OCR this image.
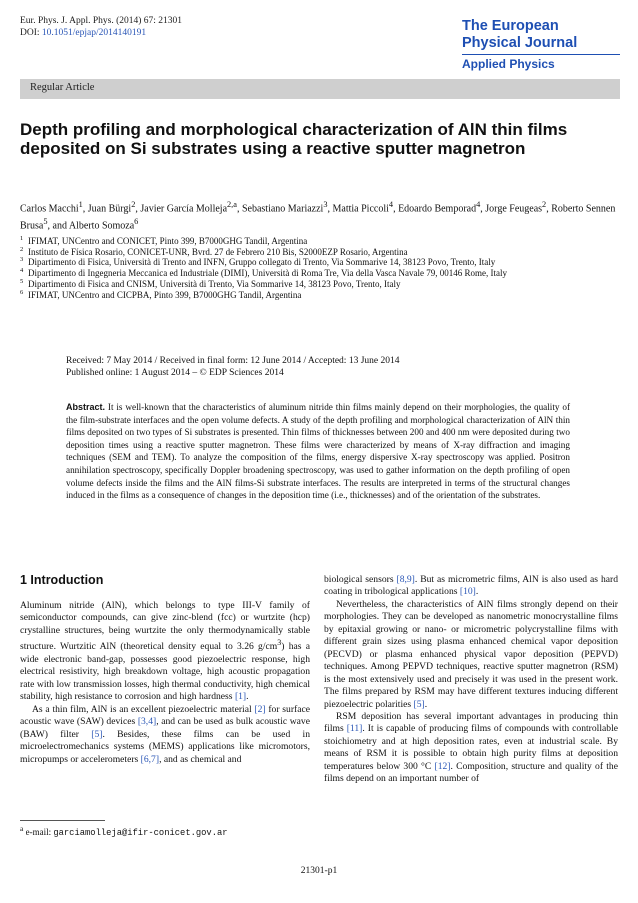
Eur. Phys. J. Appl. Phys. (2014) 67: 21301
DOI: 10.1051/epjap/2014140191	The European
Physical Journal
Applied Physics
Regular Article
Depth profiling and morphological characterization of AlN thin films deposited on Si substrates using a reactive sputter magnetron
Carlos Macchi$^1$, Juan Bürgi$^2$, Javier García Molleja$^{2,a}$, Sebastiano Mariazzi$^3$, Mattia Piccoli$^4$, Edoardo Bemporad$^4$, Jorge Feugeas$^2$, Roberto Sennen Brusa$^5$, and Alberto Somoza$^6$
1 IFIMAT, UNCentro and CONICET, Pinto 399, B7000GHG Tandil, Argentina
2 Instituto de Física Rosario, CONICET-UNR, Bvrd. 27 de Febrero 210 Bis, S2000EZP Rosario, Argentina
3 Dipartimento di Fisica, Università di Trento and INFN, Gruppo collegato di Trento, Via Sommarive 14, 38123 Povo, Trento, Italy
4 Dipartimento di Ingegneria Meccanica ed Industriale (DIMI), Università di Roma Tre, Via della Vasca Navale 79, 00146 Rome, Italy
5 Dipartimento di Fisica and CNISM, Università di Trento, Via Sommarive 14, 38123 Povo, Trento, Italy
6 IFIMAT, UNCentro and CICPBA, Pinto 399, B7000GHG Tandil, Argentina
Received: 7 May 2014 / Received in final form: 12 June 2014 / Accepted: 13 June 2014
Published online: 1 August 2014 – © EDP Sciences 2014
Abstract. It is well-known that the characteristics of aluminum nitride thin films mainly depend on their morphologies, the quality of the film-substrate interfaces and the open volume defects. A study of the depth profiling and morphological characterization of AlN thin films deposited on two types of Si substrates is presented. Thin films of thicknesses between 200 and 400 nm were deposited during two deposition times using a reactive sputter magnetron. These films were characterized by means of X-ray diffraction and imaging techniques (SEM and TEM). To analyze the composition of the films, energy dispersive X-ray spectroscopy was applied. Positron annihilation spectroscopy, specifically Doppler broadening spectroscopy, was used to gather information on the depth profiling of open volume defects inside the films and the AlN films-Si substrate interfaces. The results are interpreted in terms of the structural changes induced in the films as a consequence of changes in the deposition time (i.e., thicknesses) and of the orientation of the substrates.
1 Introduction

Aluminum nitride (AlN), which belongs to type III-V family of semiconductor compounds, can give zinc-blend (fcc) or wurtzite (hcp) crystalline structures, being wurtzite the only thermodynamically stable structure. Wurtzitic AlN (theoretical density equal to 3.26 $g/cm^3$) has a wide electronic band-gap, possesses good piezoelectric response, high electrical resistivity, high breakdown voltage, high acoustic propagation rate with low transmission losses, high thermal conductivity, high chemical stability, high resistance to corrosion and high hardness [1].

As a thin film, AlN is an excellent piezoelectric material [2] for surface acoustic wave (SAW) devices [3,4], and can be used as bulk acoustic wave (BAW) filter [5]. Besides, these films can be used in microelectromechanics systems (MEMS) applications like micromotors, micropumps or accelerometers [6,7], and as chemical and

biological sensors [8,9]. But as micrometric films, AlN is also used as hard coating in tribological applications [10].

Nevertheless, the characteristics of AlN films strongly depend on their morphologies. They can be developed as nanometric monocrystalline films by epitaxial growing or nano- or micrometric polycrystalline films with different grain sizes using plasma enhanced chemical vapor deposition (PECVD) or plasma enhanced physical vapor deposition (PEPVD) techniques. Among PEPVD techniques, reactive sputter magnetron (RSM) is the most extensively used and precisely it was used in the present work. The films prepared by RSM may have different textures inducing different piezoelectric polarities [5].

RSM deposition has several important advantages in producing thin films [11]. It is capable of producing films of compounds with controllable stoichiometry and at high deposition rates, even at industrial scale. By means of RSM it is possible to obtain high purity films at deposition temperatures below 300 °C [12]. Composition, structure and quality of the films depend on an important number of

$^a$ e-mail: garciamolleja@ifir-conicet.gov.ar
21301-p1
